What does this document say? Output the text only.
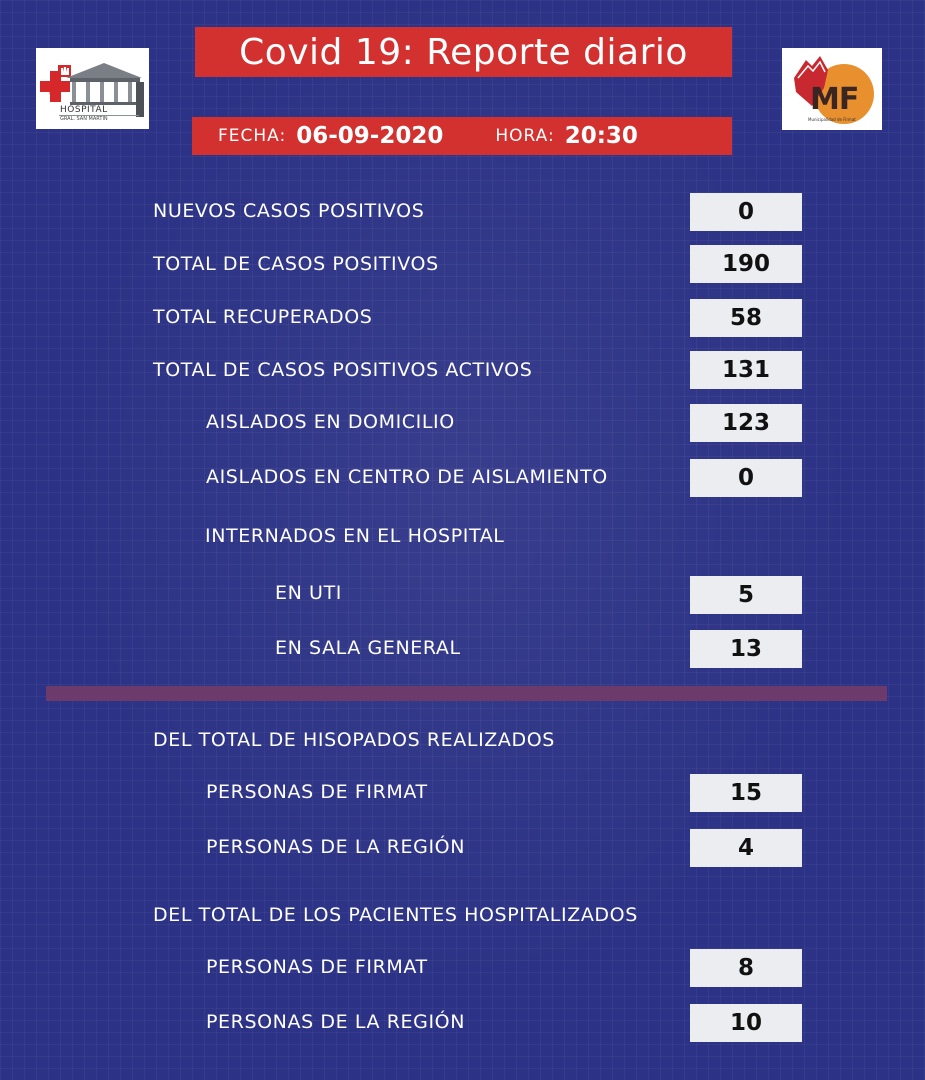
Covid 19: Reporte diario
FECHA: 06-09-2020	HORA: 20:30
HOSPITAL
GRAL. SAN MARTIN
MF
Municipalidad de Firmat
NUEVOS CASOS POSITIVOS	0
TOTAL DE CASOS POSITIVOS	190
TOTAL RECUPERADOS	58
TOTAL DE CASOS POSITIVOS ACTIVOS	131
AISLADOS EN DOMICILIO	123
AISLADOS EN CENTRO DE AISLAMIENTO	0
INTERNADOS EN EL HOSPITAL
EN UTI	5
EN SALA GENERAL	13
DEL TOTAL DE HISOPADOS REALIZADOS
PERSONAS DE FIRMAT	15
PERSONAS DE LA REGIÓN	4
DEL TOTAL DE LOS PACIENTES HOSPITALIZADOS
PERSONAS DE FIRMAT	8
PERSONAS DE LA REGIÓN	10
